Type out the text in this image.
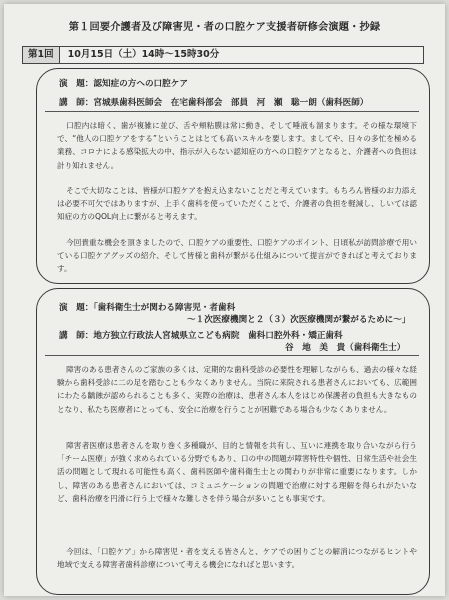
第１回要介護者及び障害児・者の口腔ケア支援者研修会演題・抄録
第1回 10月15日（土）14時～15時30分
演　題：認知症の方への口腔ケア
講　師：宮城県歯科医師会　在宅歯科部会　部員　河　瀬　聡一朗（歯科医師）
口腔内は暗く、歯が複雑に並び、舌や頬粘膜は常に動き、そして唾液も溜まります。その様な環境下で、“他人の口腔ケアをする”ということはとても高いスキルを要します。ましてや、日々の多忙を極める業務、コロナによる感染拡大の中、指示が入らない認知症の方への口腔ケアとなると、介護者への負担は計り知れません。
そこで大切なことは、皆様が口腔ケアを抱え込まないことだと考えています。もちろん皆様のお力添えは必要不可欠ではありますが、上手く歯科を使っていただくことで、介護者の負担を軽減し、しいては認知症の方のQOL向上に繋がると考えます。
今回貴重な機会を頂きましたので、口腔ケアの重要性、口腔ケアのポイント、日頃私が訪問診療で用いている口腔ケアグッズの紹介、そして皆様と歯科が繋がる仕組みについて提言ができればと考えております。
演　題：「歯科衛生士が関わる障害児・者歯科
～１次医療機関と２（３）次医療機関が繋がるために～」
講　師：地方独立行政法人宮城県立こども病院　歯科口腔外科・矯正歯科
谷　地　美　貴（歯科衛生士）
障害のある患者さんのご家族の多くは、定期的な歯科受診の必要性を理解しながらも、過去の様々な経験から歯科受診に二の足を踏むことも少なくありません。当院に来院される患者さんにおいても、広範囲にわたる齲蝕が認められることも多く、実際の治療は、患者さん本人をはじめ保護者の負担も大きなものとなり、私たち医療者にとっても、安全に治療を行うことが困難である場合も少なくありません。
障害者医療は患者さんを取り巻く多種職が、目的と情報を共有し、互いに連携を取り合いながら行う「チーム医療」が強く求められている分野でもあり、口の中の問題が障害特性や個性、日常生活や社会生活の問題として現れる可能性も高く、歯科医師や歯科衛生士との関わりが非常に重要になります。しかし、障害のある患者さんにおいては、コミュニケーションの問題で治療に対する理解を得られがたいなど、歯科治療を円滑に行う上で様々な難しさを伴う場合が多いことも事実です。
今回は、「口腔ケア」から障害児・者を支える皆さんと、ケアでの困りごとの解消につながるヒントや地域で支える障害者歯科診療について考える機会になればと思います。
